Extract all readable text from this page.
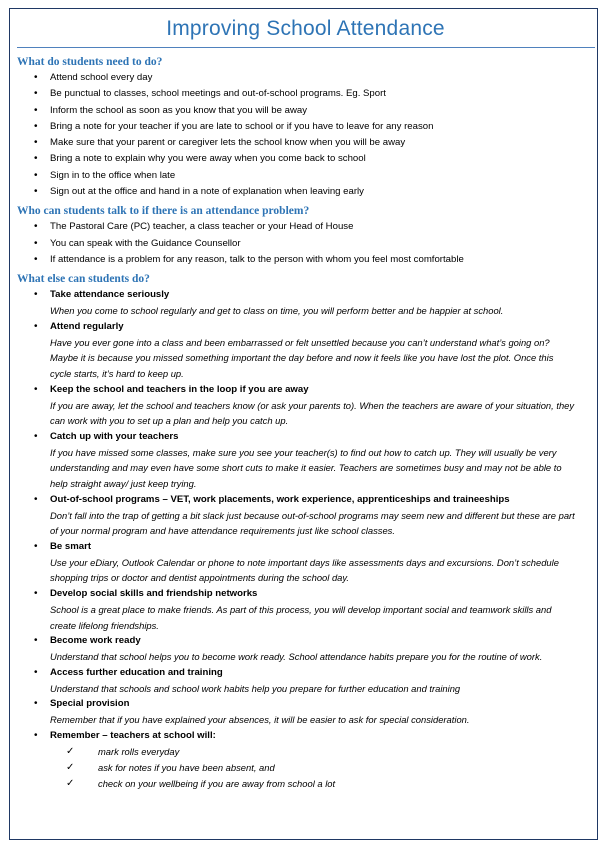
Improving School Attendance
What do students need to do?
• Attend school every day
• Be punctual to classes, school meetings and out-of-school programs. Eg. Sport
• Inform the school as soon as you know that you will be away
• Bring a note for your teacher if you are late to school or if you have to leave for any reason
• Make sure that your parent or caregiver lets the school know when you will be away
• Bring a note to explain why you were away when you come back to school
• Sign in to the office when late
• Sign out at the office and hand in a note of explanation when leaving early
Who can students talk to if there is an attendance problem?
• The Pastoral Care (PC) teacher, a class teacher or your Head of House
• You can speak with the Guidance Counsellor
• If attendance is a problem for any reason, talk to the person with whom you feel most comfortable
What else can students do?
• Take attendance seriously
When you come to school regularly and get to class on time, you will perform better and be happier at school.
• Attend regularly
Have you ever gone into a class and been embarrassed or felt unsettled because you can’t understand what’s going on? Maybe it is because you missed something important the day before and now it feels like you have lost the plot. Once this cycle starts, it’s hard to keep up.
• Keep the school and teachers in the loop if you are away
If you are away, let the school and teachers know (or ask your parents to). When the teachers are aware of your situation, they can work with you to set up a plan and help you catch up.
• Catch up with your teachers
If you have missed some classes, make sure you see your teacher(s) to find out how to catch up. They will usually be very understanding and may even have some short cuts to make it easier. Teachers are sometimes busy and may not be able to help straight away/ just keep trying.
• Out-of-school programs – VET, work placements, work experience, apprenticeships and traineeships
Don’t fall into the trap of getting a bit slack just because out-of-school programs may seem new and different but these are part of your normal program and have attendance requirements just like school classes.
• Be smart
Use your eDiary, Outlook Calendar or phone to note important days like assessments days and excursions. Don’t schedule shopping trips or doctor and dentist appointments during the school day.
• Develop social skills and friendship networks
School is a great place to make friends. As part of this process, you will develop important social and teamwork skills and create lifelong friendships.
• Become work ready
Understand that school helps you to become work ready. School attendance habits prepare you for the routine of work.
• Access further education and training
Understand that schools and school work habits help you prepare for further education and training
• Special provision
Remember that if you have explained your absences, it will be easier to ask for special consideration.
• Remember – teachers at school will:
✓	mark rolls everyday
✓	ask for notes if you have been absent, and
✓	check on your wellbeing if you are away from school a lot
